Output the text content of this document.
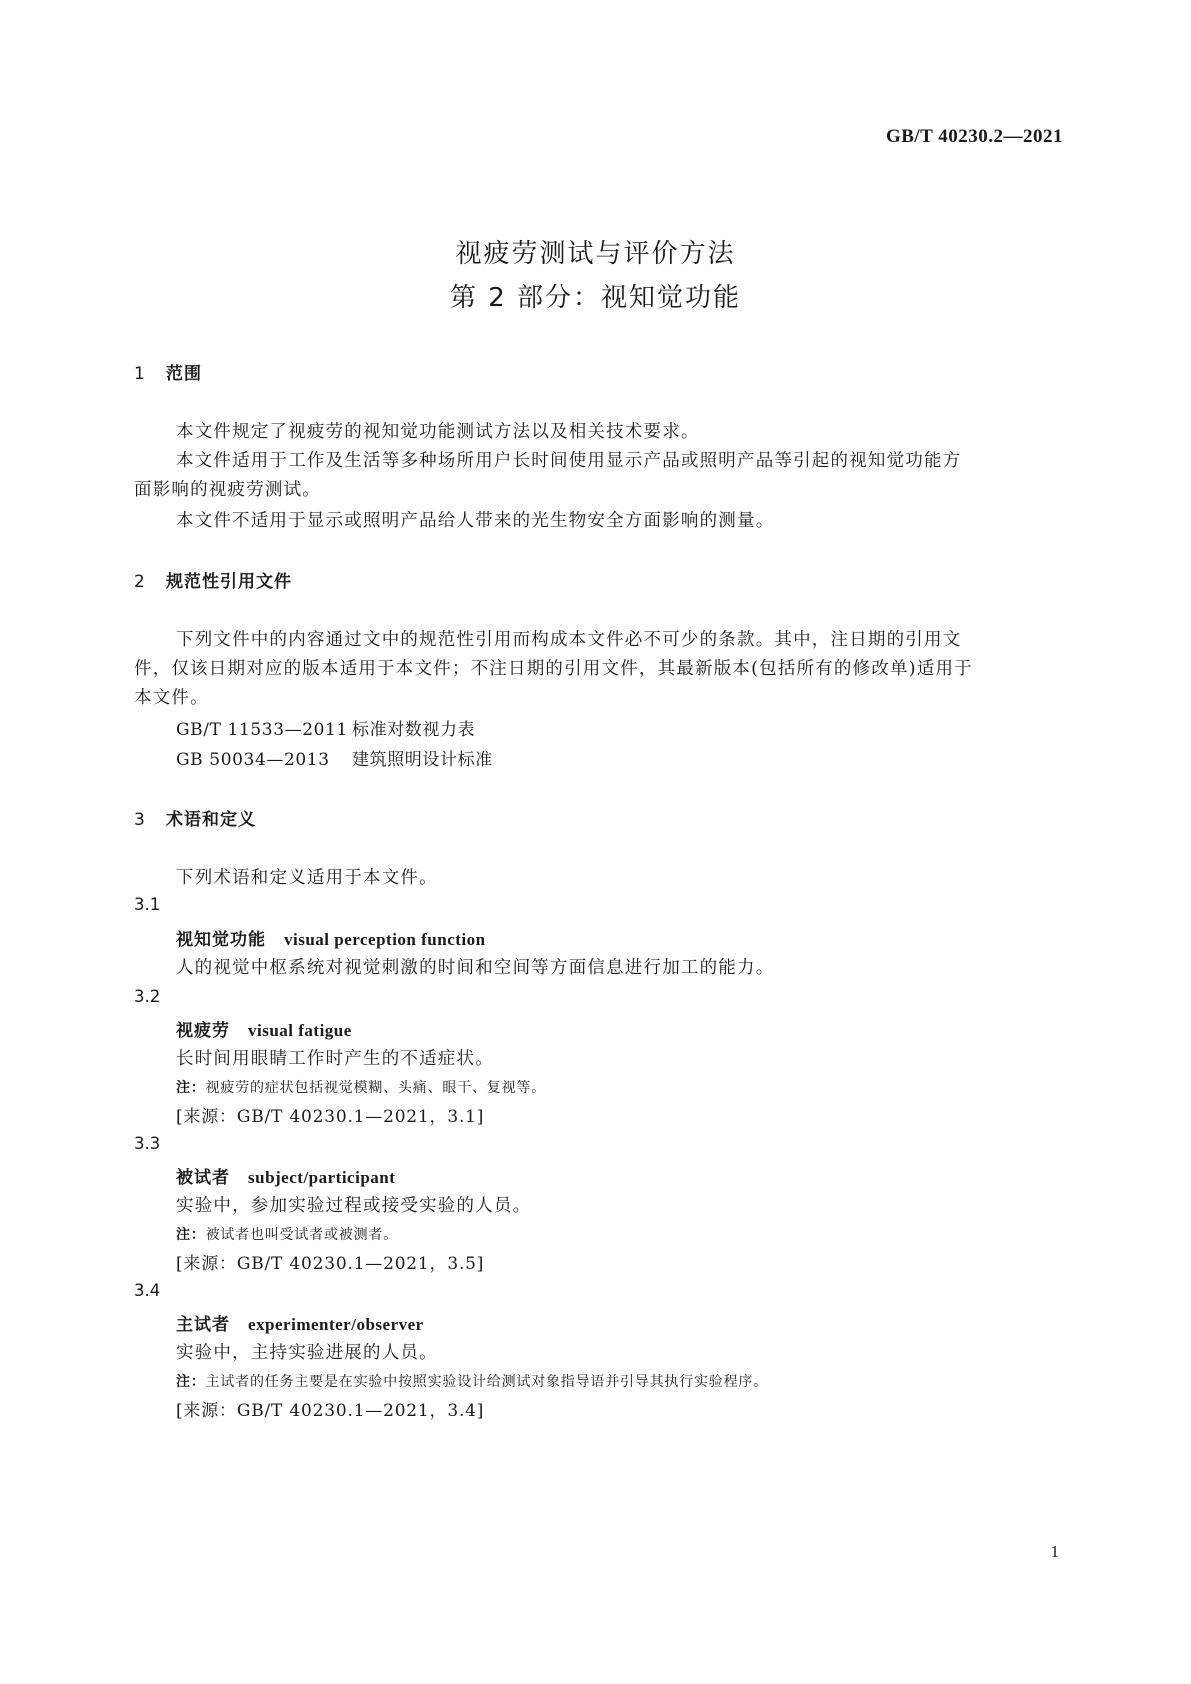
GB/T 40230.2—2021
视疲劳测试与评价方法
第 2 部分：视知觉功能
1 范围
本文件规定了视疲劳的视知觉功能测试方法以及相关技术要求。
本文件适用于工作及生活等多种场所用户长时间使用显示产品或照明产品等引起的视知觉功能方
面影响的视疲劳测试。
本文件不适用于显示或照明产品给人带来的光生物安全方面影响的测量。
2 规范性引用文件
下列文件中的内容通过文中的规范性引用而构成本文件必不可少的条款。其中，注日期的引用文
件，仅该日期对应的版本适用于本文件；不注日期的引用文件，其最新版本(包括所有的修改单)适用于
本文件。
GB/T 11533—2011 标准对数视力表
GB 50034—2013 建筑照明设计标准
3 术语和定义
下列术语和定义适用于本文件。
3.1
视知觉功能 visual perception function
人的视觉中枢系统对视觉刺激的时间和空间等方面信息进行加工的能力。
3.2
视疲劳 visual fatigue
长时间用眼睛工作时产生的不适症状。
注：视疲劳的症状包括视觉模糊、头痛、眼干、复视等。
[来源：GB/T 40230.1—2021，3.1]
3.3
被试者 subject/participant
实验中，参加实验过程或接受实验的人员。
注：被试者也叫受试者或被测者。
[来源：GB/T 40230.1—2021，3.5]
3.4
主试者 experimenter/observer
实验中，主持实验进展的人员。
注：主试者的任务主要是在实验中按照实验设计给测试对象指导语并引导其执行实验程序。
[来源：GB/T 40230.1—2021，3.4]
1
